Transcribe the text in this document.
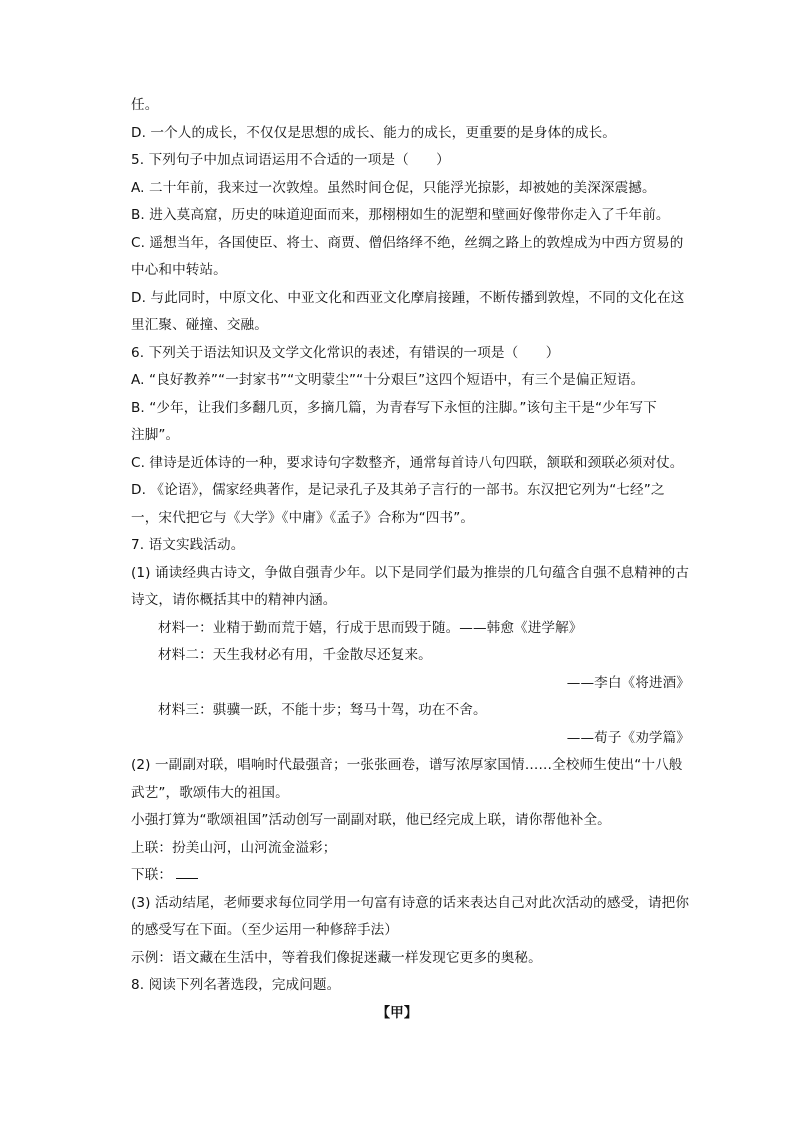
任。
D. 一个人的成长，不仅仅是思想的成长、能力的成长，更重要的是身体的成长。
5. 下列句子中加点词语运用不合适的一项是（　　）
A. 二十年前，我来过一次敦煌。虽然时间仓促，只能浮光掠影，却被她的美深深震撼。
B. 进入莫高窟，历史的味道迎面而来，那栩栩如生的泥塑和壁画好像带你走入了千年前。
C. 遥想当年，各国使臣、将士、商贾、僧侣络绎不绝，丝绸之路上的敦煌成为中西方贸易的
中心和中转站。
D. 与此同时，中原文化、中亚文化和西亚文化摩肩接踵，不断传播到敦煌，不同的文化在这
里汇聚、碰撞、交融。
6. 下列关于语法知识及文学文化常识的表述，有错误的一项是（　　）
A. “良好教养”“一封家书”“文明蒙尘”“十分艰巨”这四个短语中，有三个是偏正短语。
B. “少年，让我们多翻几页，多摘几篇，为青春写下永恒的注脚。”该句主干是“少年写下
注脚”。
C. 律诗是近体诗的一种，要求诗句字数整齐，通常每首诗八句四联，颔联和颈联必须对仗。
D. 《论语》，儒家经典著作，是记录孔子及其弟子言行的一部书。东汉把它列为“七经”之
一，宋代把它与《大学》《中庸》《孟子》合称为“四书”。
7. 语文实践活动。
(1) 诵读经典古诗文，争做自强青少年。以下是同学们最为推崇的几句蕴含自强不息精神的古
诗文，请你概括其中的精神内涵。
材料一：业精于勤而荒于嬉，行成于思而毁于随。——韩愈《进学解》
材料二：天生我材必有用，千金散尽还复来。
——李白《将进酒》
材料三：骐骥一跃，不能十步；驽马十驾，功在不舍。
——荀子《劝学篇》
(2) 一副副对联，唱响时代最强音；一张张画卷，谱写浓厚家国情……全校师生使出“十八般
武艺”，歌颂伟大的祖国。
小强打算为“歌颂祖国”活动创写一副副对联，他已经完成上联，请你帮他补全。
上联：扮美山河，山河流金溢彩；
下联：
(3) 活动结尾，老师要求每位同学用一句富有诗意的话来表达自己对此次活动的感受，请把你
的感受写在下面。（至少运用一种修辞手法）
示例：语文藏在生活中，等着我们像捉迷藏一样发现它更多的奥秘。
8. 阅读下列名著选段，完成问题。
【甲】
